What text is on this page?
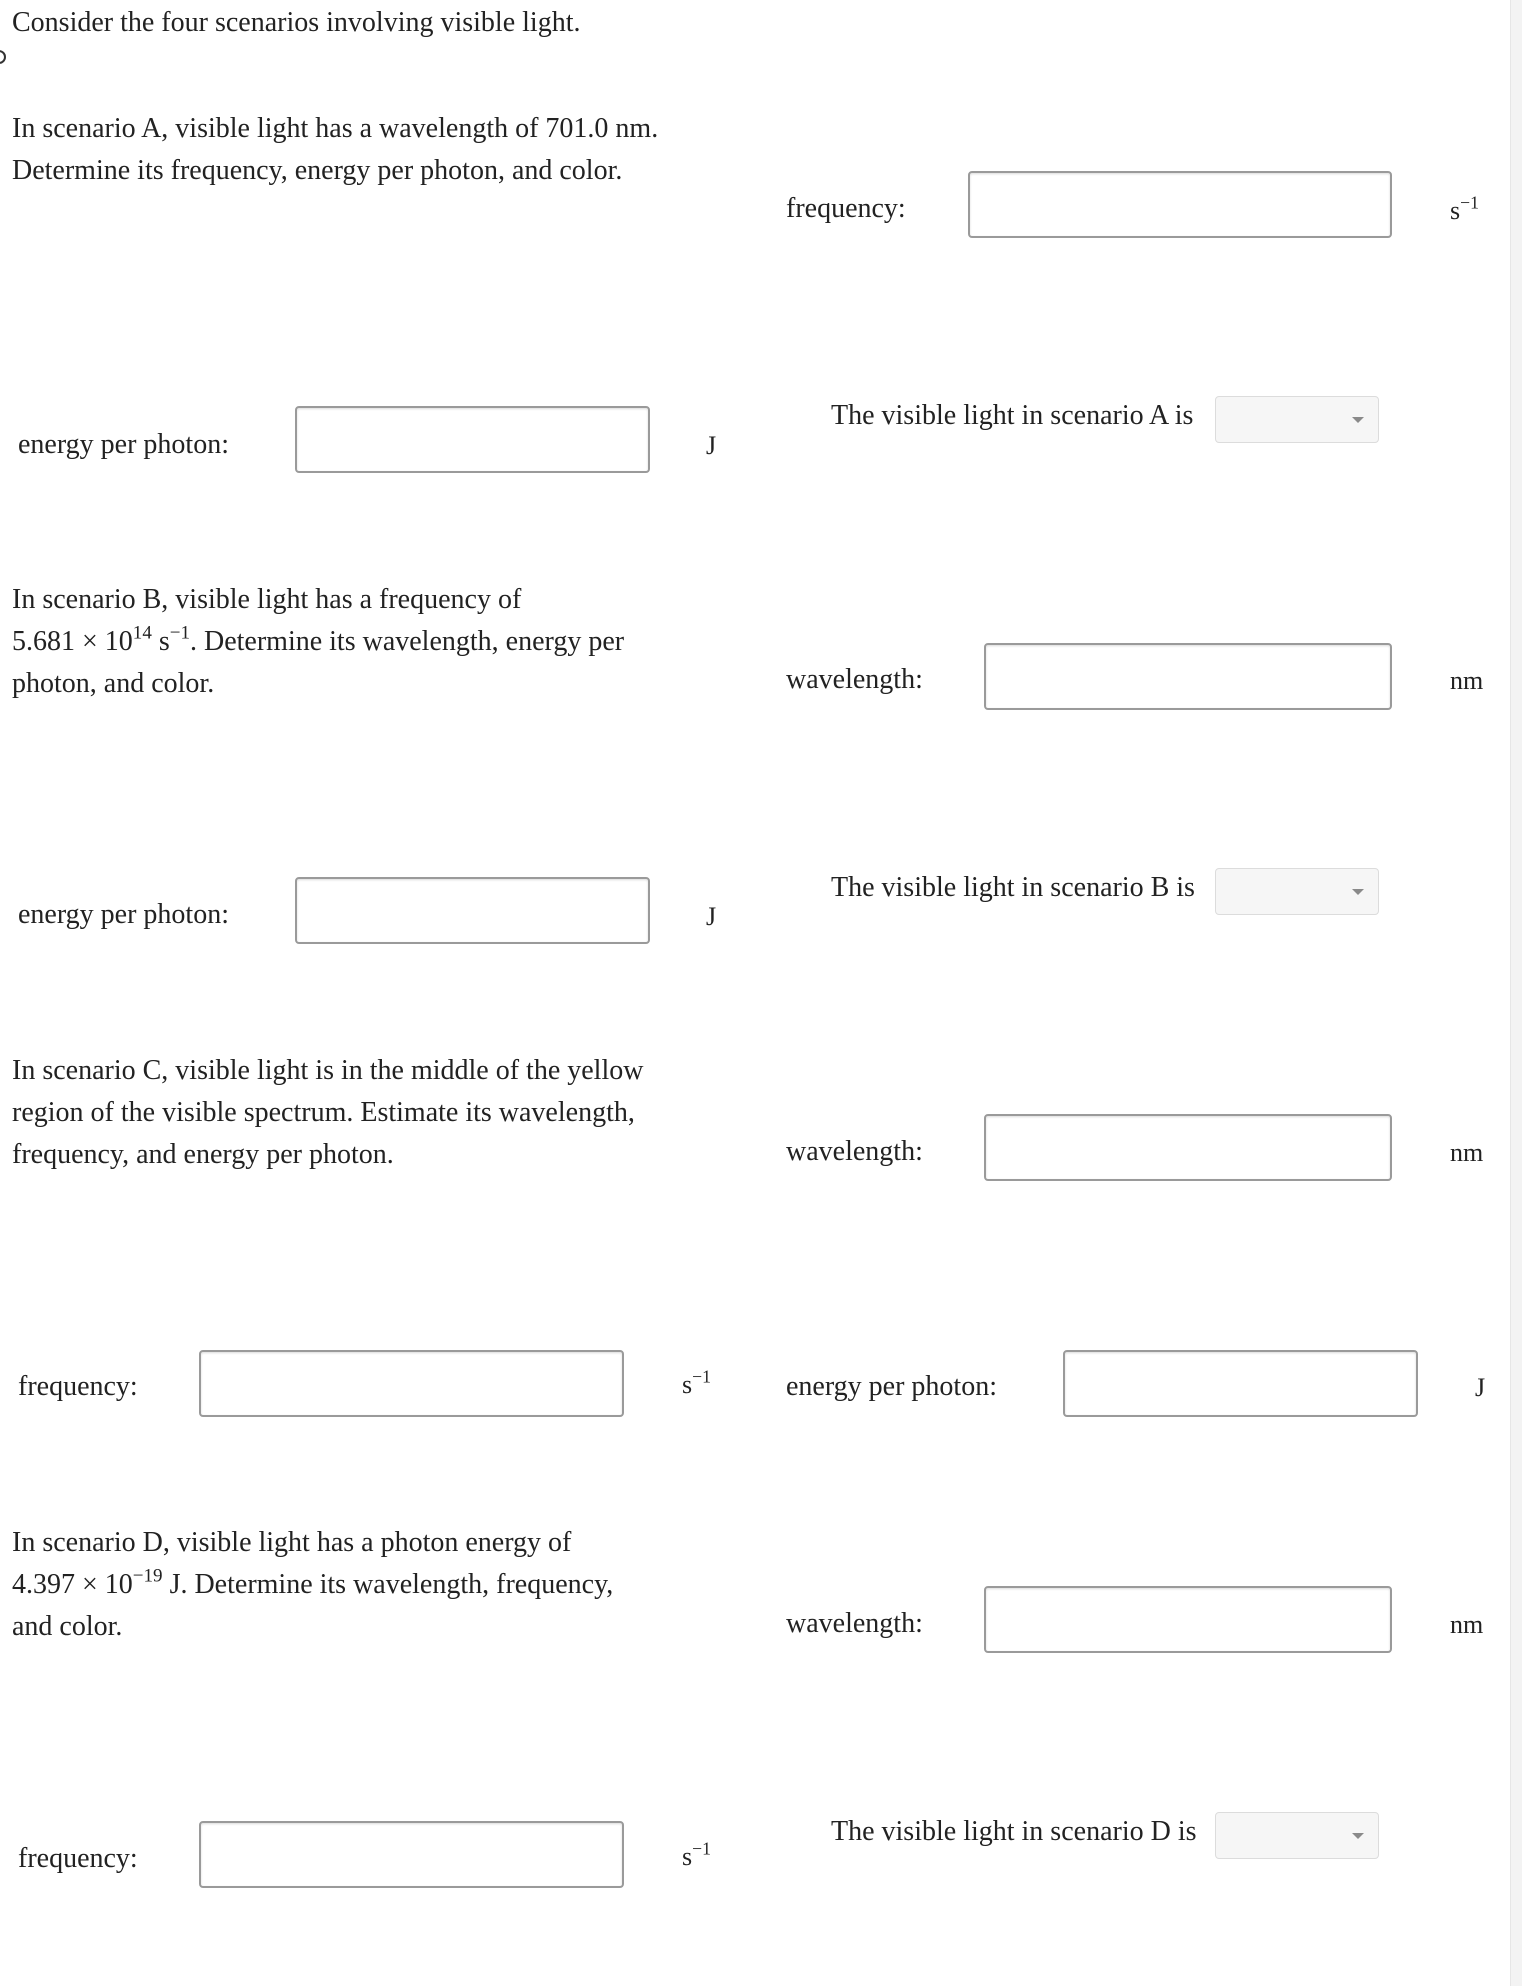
Consider the four scenarios involving visible light.
In scenario A, visible light has a wavelength of 701.0 nm.
Determine its frequency, energy per photon, and color.
frequency:	$s^{-1}$
The visible light in scenario A is
energy per photon:	J
In scenario B, visible light has a frequency of
$5.681 \times 10^{14}$ $s^{-1}$. Determine its wavelength, energy per
photon, and color.	wavelength:	nm
The visible light in scenario B is
energy per photon:	J
In scenario C, visible light is in the middle of the yellow
region of the visible spectrum. Estimate its wavelength,
frequency, and energy per photon.	wavelength:	nm
frequency:	$s^{-1}$	energy per photon:	J
In scenario D, visible light has a photon energy of
$4.397 \times 10^{-19}$ J. Determine its wavelength, frequency,
and color.	wavelength:	nm
The visible light in scenario D is
frequency:	$s^{-1}$
